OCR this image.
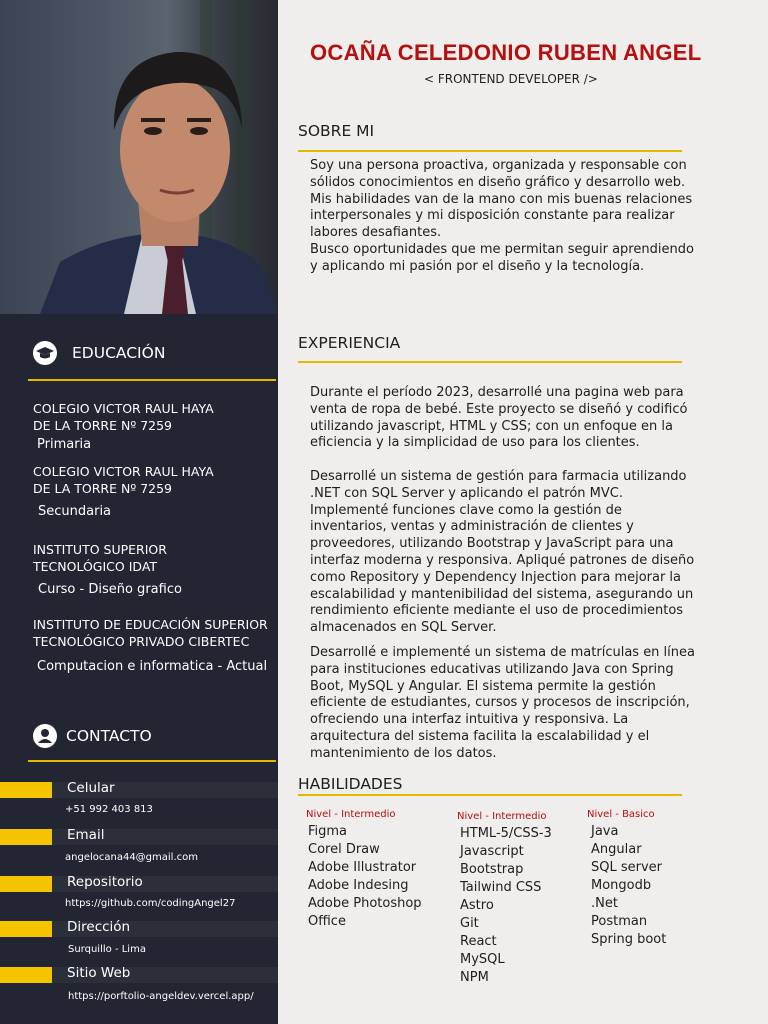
EDUCACIÓN
COLEGIO VICTOR RAUL HAYA
DE LA TORRE Nº 7259
Primaria
COLEGIO VICTOR RAUL HAYA
DE LA TORRE Nº 7259
Secundaria
INSTITUTO SUPERIOR
TECNOLÓGICO IDAT
Curso - Diseño grafico
INSTITUTO DE EDUCACIÓN SUPERIOR
TECNOLÓGICO PRIVADO CIBERTEC
Computacion e informatica - Actual
CONTACTO
Celular
+51 992 403 813
Email
angelocana44@gmail.com
Repositorio
https://github.com/codingAngel27
Dirección
Surquillo - Lima
Sitio Web
https://porftolio-angeldev.vercel.app/
OCAÑA CELEDONIO RUBEN ANGEL
< FRONTEND DEVELOPER />
SOBRE MI
Soy una persona proactiva, organizada y responsable con sólidos conocimientos en diseño gráfico y desarrollo web. Mis habilidades van de la mano con mis buenas relaciones interpersonales y mi disposición constante para realizar labores desafiantes.
Busco oportunidades que me permitan seguir aprendiendo y aplicando mi pasión por el diseño y la tecnología.
EXPERIENCIA
Durante el período 2023, desarrollé una pagina web para venta de ropa de bebé. Este proyecto se diseñó y codificó utilizando javascript, HTML y CSS; con un enfoque en la eficiencia y la simplicidad de uso para los clientes.
Desarrollé un sistema de gestión para farmacia utilizando .NET con SQL Server y aplicando el patrón MVC. Implementé funciones clave como la gestión de inventarios, ventas y administración de clientes y proveedores, utilizando Bootstrap y JavaScript para una interfaz moderna y responsiva. Apliqué patrones de diseño como Repository y Dependency Injection para mejorar la escalabilidad y mantenibilidad del sistema, asegurando un rendimiento eficiente mediante el uso de procedimientos almacenados en SQL Server.
Desarrollé e implementé un sistema de matrículas en línea para instituciones educativas utilizando Java con Spring Boot, MySQL y Angular. El sistema permite la gestión eficiente de estudiantes, cursos y procesos de inscripción, ofreciendo una interfaz intuitiva y responsiva. La arquitectura del sistema facilita la escalabilidad y el mantenimiento de los datos.
HABILIDADES
Nivel - Intermedio
Figma
Corel Draw
Adobe Illustrator
Adobe Indesing
Adobe Photoshop
Office
Nivel - Intermedio
HTML-5/CSS-3
Javascript
Bootstrap
Tailwind CSS
Astro
Git
React
MySQL
NPM
Nivel - Basico
Java
Angular
SQL server
Mongodb
.Net
Postman
Spring boot
